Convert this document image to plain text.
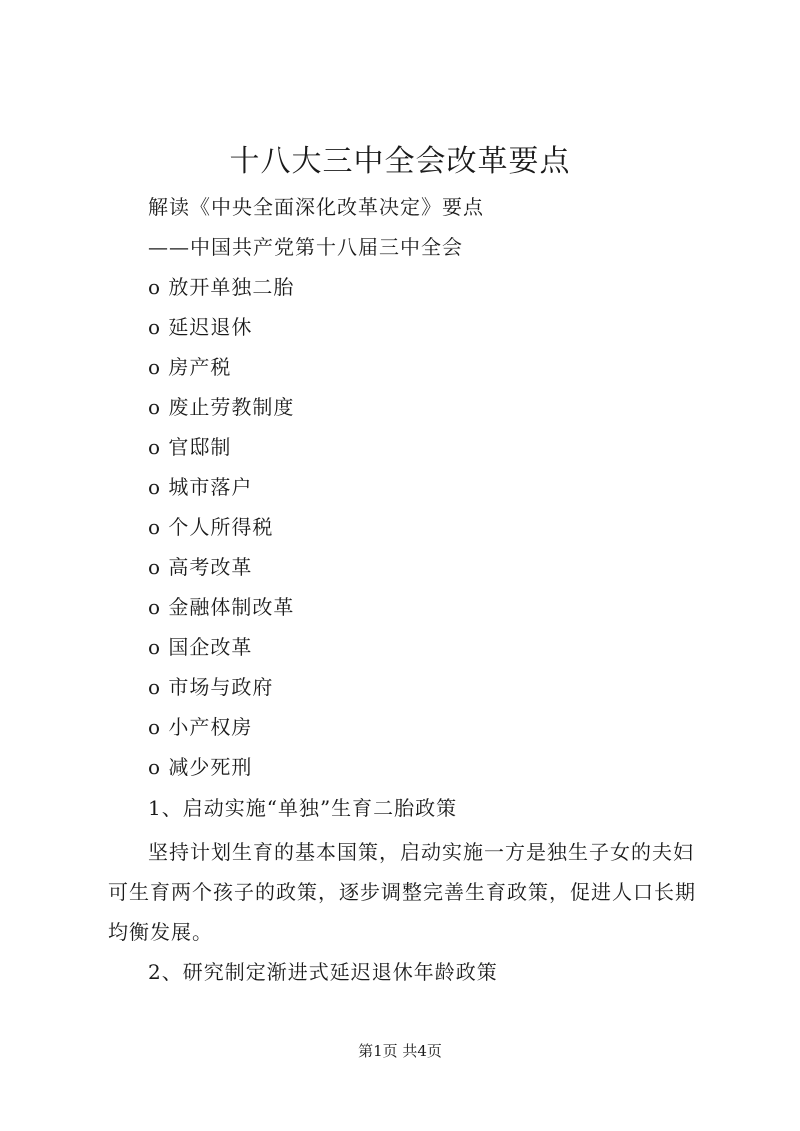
十八大三中全会改革要点
解读《中央全面深化改革决定》要点
——中国共产党第十八届三中全会
o 放开单独二胎
o 延迟退休
o 房产税
o 废止劳教制度
o 官邸制
o 城市落户
o 个人所得税
o 高考改革
o 金融体制改革
o 国企改革
o 市场与政府
o 小产权房
o 减少死刑
1、启动实施“单独”生育二胎政策
坚持计划生育的基本国策，启动实施一方是独生子女的夫妇可生育两个孩子的政策，逐步调整完善生育政策，促进人口长期均衡发展。
2、研究制定渐进式延迟退休年龄政策
第1页 共4页
